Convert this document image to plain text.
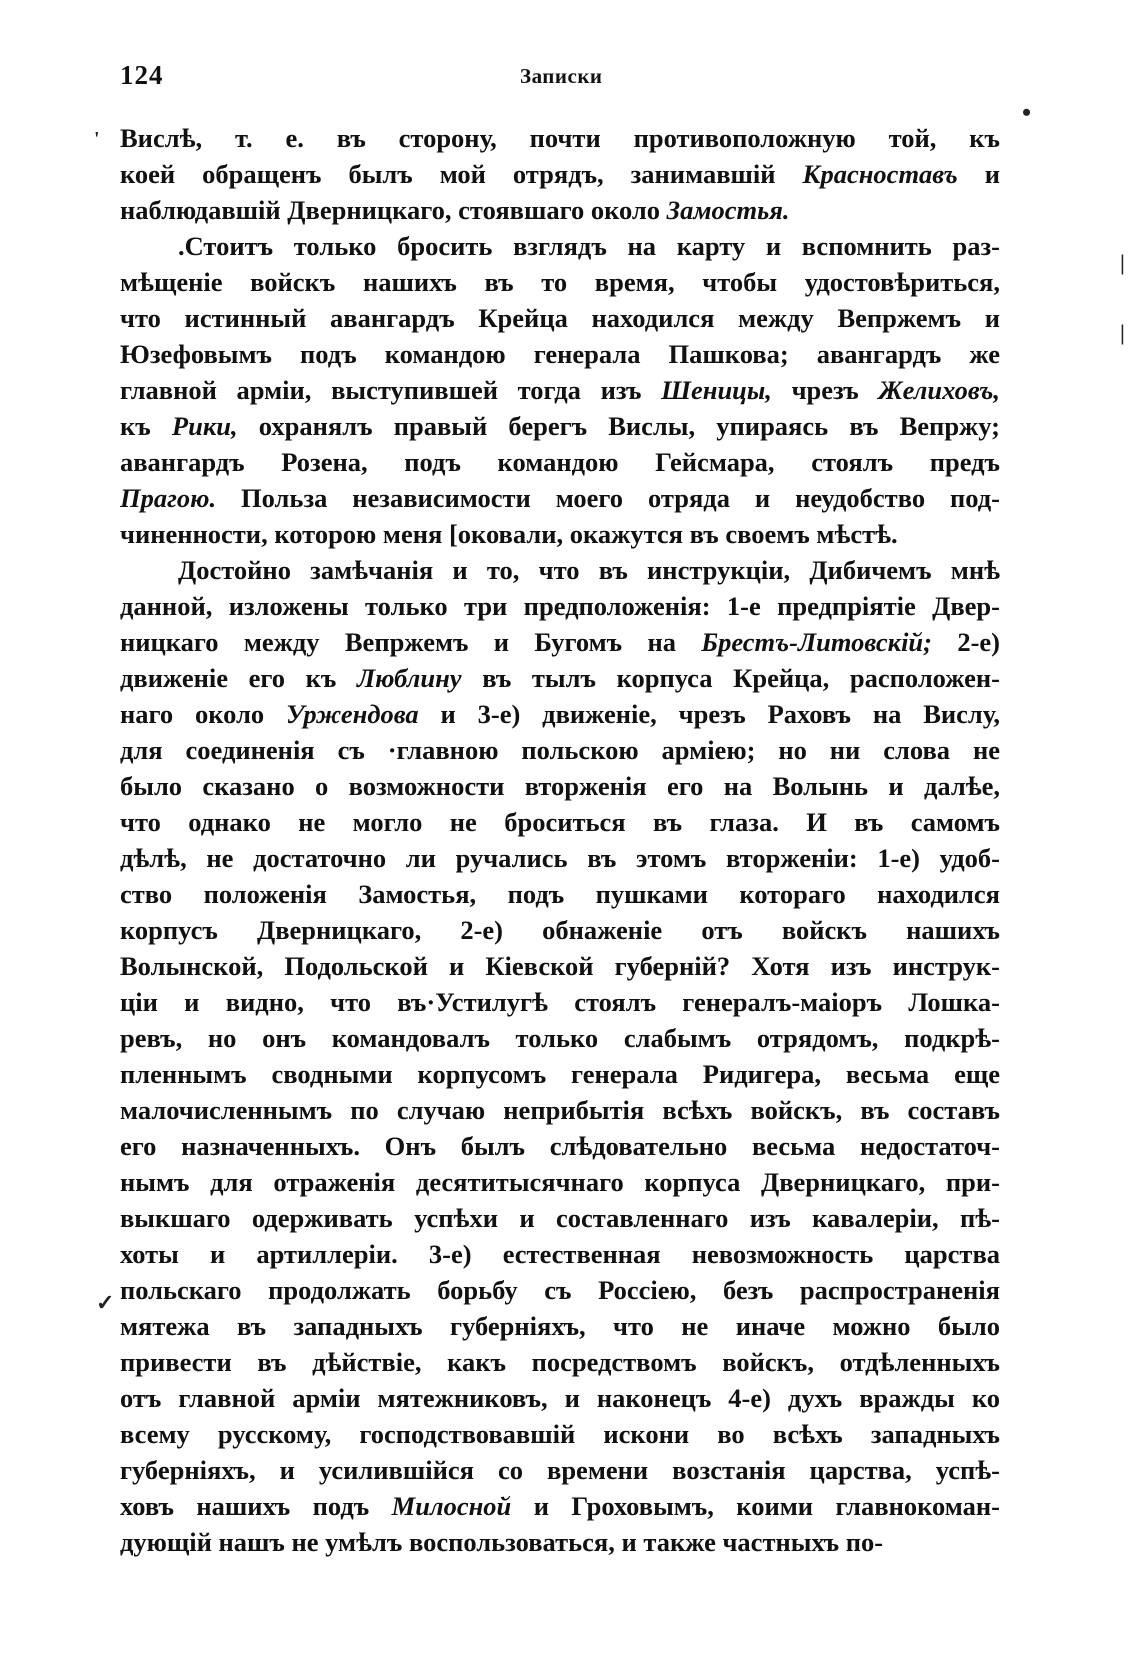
124	Записки
•
'
|
|
✓
Вислѣ, т. е. въ сторону, почти противоположную той, къ
коей обращенъ былъ мой отрядъ, занимавшій Красноставъ и
наблюдавшій Дверницкаго, стоявшаго около Замостья.
.Стоитъ только бросить взглядъ на карту и вспомнить раз-
мѣщеніе войскъ нашихъ въ то время, чтобы удостовѣриться,
что истинный авангардъ Крейца находился между Вепржемъ и
Юзефовымъ подъ командою генерала Пашкова; авангардъ же
главной арміи, выступившей тогда изъ Шеницы, чрезъ Желиховъ,
къ Рики, охранялъ правый берегъ Вислы, упираясь въ Вепржу;
авангардъ Розена, подъ командою Гейсмара, стоялъ предъ
Прагою. Польза независимости моего отряда и неудобство под-
чиненности, которою меня [оковали, окажутся въ своемъ мѣстѣ.
Достойно замѣчанія и то, что въ инструкціи, Дибичемъ мнѣ
данной, изложены только три предположенія: 1-е предпріятіе Двер-
ницкаго между Вепржемъ и Бугомъ на Брестъ-Литовскій; 2-е)
движеніе его къ Люблину въ тылъ корпуса Крейца, расположен-
наго около Уржендова и 3-е) движеніе, чрезъ Раховъ на Вислу,
для соединенія съ ·главною польскою арміею; но ни слова не
было сказано о возможности вторженія его на Волынь и далѣе,
что однако не могло не броситься въ глаза. И въ самомъ
дѣлѣ, не достаточно ли ручались въ этомъ вторженіи: 1-е) удоб-
ство положенія Замостья, подъ пушками котораго находился
корпусъ Дверницкаго, 2-е) обнаженіе отъ войскъ нашихъ
Волынской, Подольской и Кіевской губерній? Хотя изъ инструк-
ціи и видно, что въ·Устилугѣ стоялъ генералъ-маіоръ Лошка-
ревъ, но онъ командовалъ только слабымъ отрядомъ, подкрѣ-
пленнымъ сводными корпусомъ генерала Ридигера, весьма еще
малочисленнымъ по случаю неприбытія всѣхъ войскъ, въ составъ
его назначенныхъ. Онъ былъ слѣдовательно весьма недостаточ-
нымъ для отраженія десятитысячнаго корпуса Дверницкаго, при-
выкшаго одерживать успѣхи и составленнаго изъ кавалеріи, пѣ-
хоты и артиллеріи. 3-е) естественная невозможность царства
польскаго продолжать борьбу съ Россіею, безъ распространенія
мятежа въ западныхъ губерніяхъ, что не иначе можно было
привести въ дѣйствіе, какъ посредствомъ войскъ, отдѣленныхъ
отъ главной арміи мятежниковъ, и наконецъ 4-е) духъ вражды ко
всему русскому, господствовавшій искони во всѣхъ западныхъ
губерніяхъ, и усилившійся со времени возстанія царства, успѣ-
ховъ нашихъ подъ Милосной и Гроховымъ, коими главнокоман-
дующій нашъ не умѣлъ воспользоваться, и также частныхъ по-
